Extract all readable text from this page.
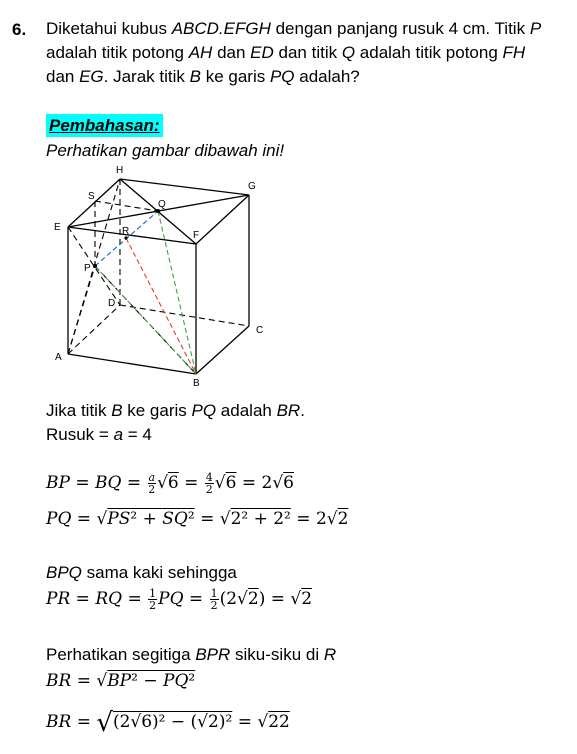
6. Diketahui kubus ABCD.EFGH dengan panjang rusuk 4 cm. Titik P
adalah titik potong AH dan ED dan titik Q adalah titik potong FH
dan EG. Jarak titik B ke garis PQ adalah?
Pembahasan:
Perhatikan gambar dibawah ini!
H
G
S
Q
E	R	F
P
D
C
A
B
Jika titik B ke garis PQ adalah BR.
Rusuk = a = 4
BP = BQ = $\frac{a}{2} √6 = \frac{4}{2} √6 = 2√6$
PQ = √PS² + SQ² = √2² + 2² = 2√2
BPQ sama kaki sehingga
PR = RQ = $\frac{1}{2}$ PQ = $\frac{1}{2} (2√2) = √2$
Perhatikan segitiga BPR siku-siku di R
BR = √BP² − PQ²
BR = √(2√6)² − (√2)² = √22
